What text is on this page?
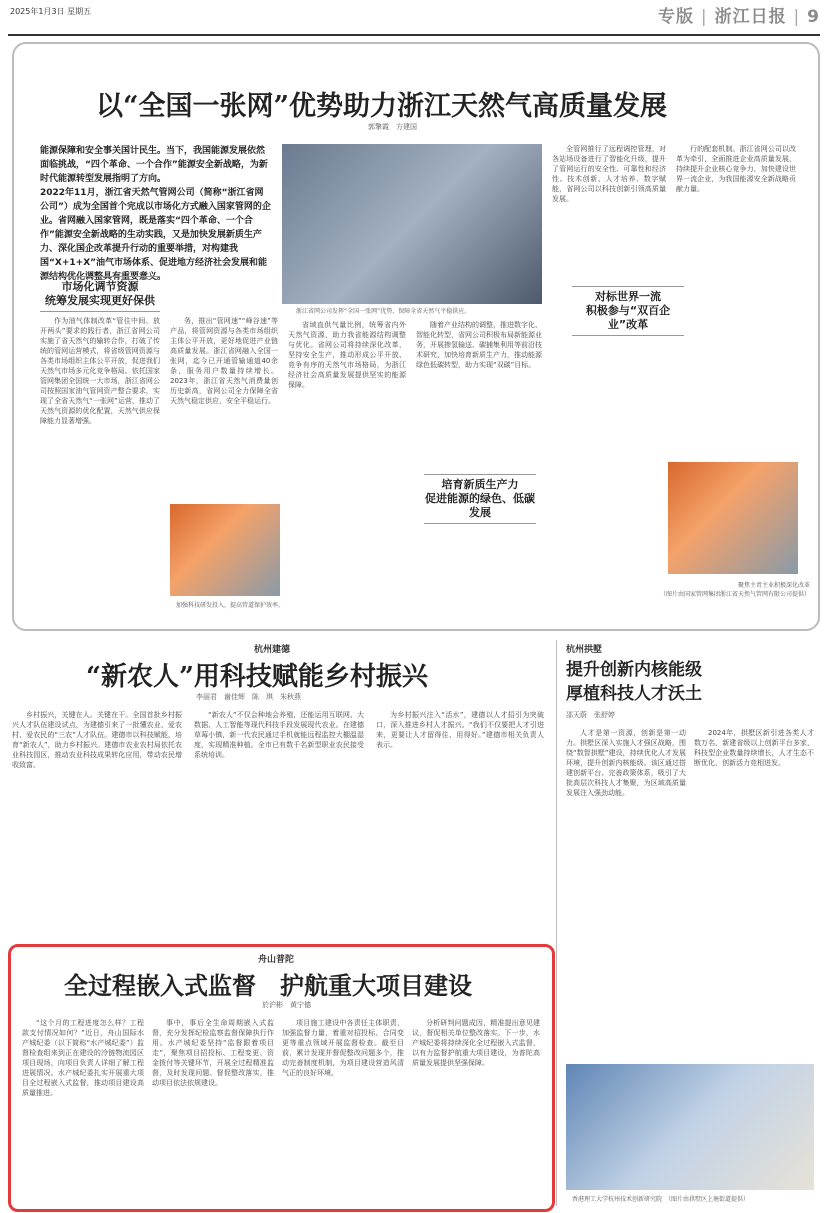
2025年1月3日 星期五	专版 | 浙江日报 | 9
以“全国一张网”优势助力浙江天然气高质量发展
郭擎霞　方建国
能源保障和安全事关国计民生。当下，我国能源发展依然面临挑战，“四个革命、一个合作”能源安全新战略，为新时代能源转型发展指明了方向。
2022年11月，浙江省天然气管网公司（简称“浙江省网公司”）成为全国首个完成以市场化方式融入国家管网的企业。省网融入国家管网，既是落实“四个革命、一个合作”能源安全新战略的生动实践，又是加快发展新质生产力、深化国企改革提升行动的重要举措，对构建我国“X+1+X”油气市场体系、促进地方经济社会发展和能源结构优化调整具有重要意义。
市场化调节资源
统筹发展实现更好保供

作为油气体制改革“管住中间、放开两头”要求的践行者，浙江省网公司实施了省天然气的输转合作，打破了传统的管网运营模式，将省级管网资源与各类市场组织主体公平开放，促进我们天然气市场多元化竞争格局。依托国家管网集团全国统一大市场，浙江省网公司按照国家油气管网资产整合要求，实现了全省天然气“一张网”运营，推动了天然气资源的优化配置，天然气供应保障能力显著增强。

浙江省网公司发挥“全国一张网”优势，保障全省天然气平稳供应。

务，推出“管网速”“峰谷速”等产品，将管网资源与各类市场组织主体公平开放，更好地促进产业链高质量发展。浙江省网融入全国一张网，迄今已开通管输通道40余条，服务用户数量持续增长。2023年，浙江省天然气消费量创历史新高，省网公司全力保障全省天然气稳定供应，安全平稳运行。

加强科技研发投入，提高管道保护效率。

省域直供气量比例，统筹省内外天然气资源，助力我省能源结构调整与优化。省网公司将持续深化改革，坚持安全生产，推动形成公平开放、竞争有序的天然气市场格局，为浙江经济社会高质量发展提供坚实的能源保障。

随着产业结构的调整，推进数字化、智能化转型，省网公司积极布局新能源业务，开展掺氢输送、碳捕集利用等前沿技术研究，加快培育新质生产力，推动能源绿色低碳转型，助力实现“双碳”目标。

培育新质生产力
促进能源的绿色、低碳发展

全管网推行了远程调控管理，对各站场设备进行了智能化升级，提升了管网运行的安全性、可靠性和经济性。技术创新、人才培养、数字赋能，省网公司以科技创新引领高质量发展。

对标世界一流
积极参与“双百企业”改革

行的配套机制。浙江省网公司以改革为牵引，全面推进企业高质量发展，持续提升企业核心竞争力，加快建设世界一流企业，为我国能源安全新战略贡献力量。

聚焦主责主业积极深化改革
（图片由国家管网集团浙江省天然气管网有限公司提供）
杭州建德
“新农人”用科技赋能乡村振兴
李丽君　谢佳辉　陈　琪　朱秋燕

乡村振兴，关键在人。关键在干。全国首批乡村振兴人才队伍建设试点，为建德引来了一批懂农业、爱农村、爱农民的“三农”人才队伍。建德市以科技赋能，培育“新农人”，助力乡村振兴。建德市农业农村局依托农业科技园区，推动农业科技成果转化应用，带动农民增收致富。

“新农人”不仅会种地会养殖，还能运用互联网、大数据、人工智能等现代科技手段发展现代农业。在建德草莓小镇，新一代农民通过手机就能远程监控大棚温湿度，实现精准种植。全市已有数千名新型职业农民接受系统培训。

为乡村振兴注入“活水”，建德以人才招引为突破口，深入推进乡村人才振兴。“我们不仅要把人才引进来，更要让人才留得住、用得好。”建德市相关负责人表示。

杭州拱墅
提升创新内核能级
厚植科技人才沃土
邵天蔚　张舒婷

人才是第一资源，创新是第一动力。拱墅区深入实施人才强区战略，围绕“数智拱墅”建设，持续优化人才发展环境，提升创新内核能级。该区通过搭建创新平台、完善政策体系，吸引了大批高层次科技人才集聚，为区域高质量发展注入强劲动能。

2024年，拱墅区新引进各类人才数万名，新建省级以上创新平台多家，科技型企业数量持续增长，人才生态不断优化，创新活力竞相迸发。

香港理工大学杭州技术创新研究院　（图片由拱墅区上塘街道提供）
舟山普陀
全过程嵌入式监督　护航重大项目建设
於沪彬　黄宁德

“这个月的工程进度怎么样？工程款支付情况如何？”近日，舟山国际水产城纪委（以下简称“水产城纪委”）监督检查组来到正在建设的冷链物流园区项目现场，向项目负责人详细了解工程进展情况。水产城纪委扎实开展重大项目全过程嵌入式监督，推动项目建设高质量推进。

事中，事后全生命周期嵌入式监督，充分发挥纪检监察监督保障执行作用。水产城纪委坚持“监督跟着项目走”，聚焦项目招投标、工程变更、资金拨付等关键环节，开展全过程精准监督，及时发现问题、督促整改落实，推动项目依法依规建设。

项目施工建设中各责任主体职责，加强监督力量，着重对招投标、合同变更等重点领域开展监督检查。截至目前，累计发现并督促整改问题多个，推动完善制度机制，为项目建设营造风清气正的良好环境。

分析研判问题成因，精准提出意见建议，督促相关单位整改落实。下一步，水产城纪委将持续深化全过程嵌入式监督，以有力监督护航重大项目建设，为普陀高质量发展提供坚强保障。
